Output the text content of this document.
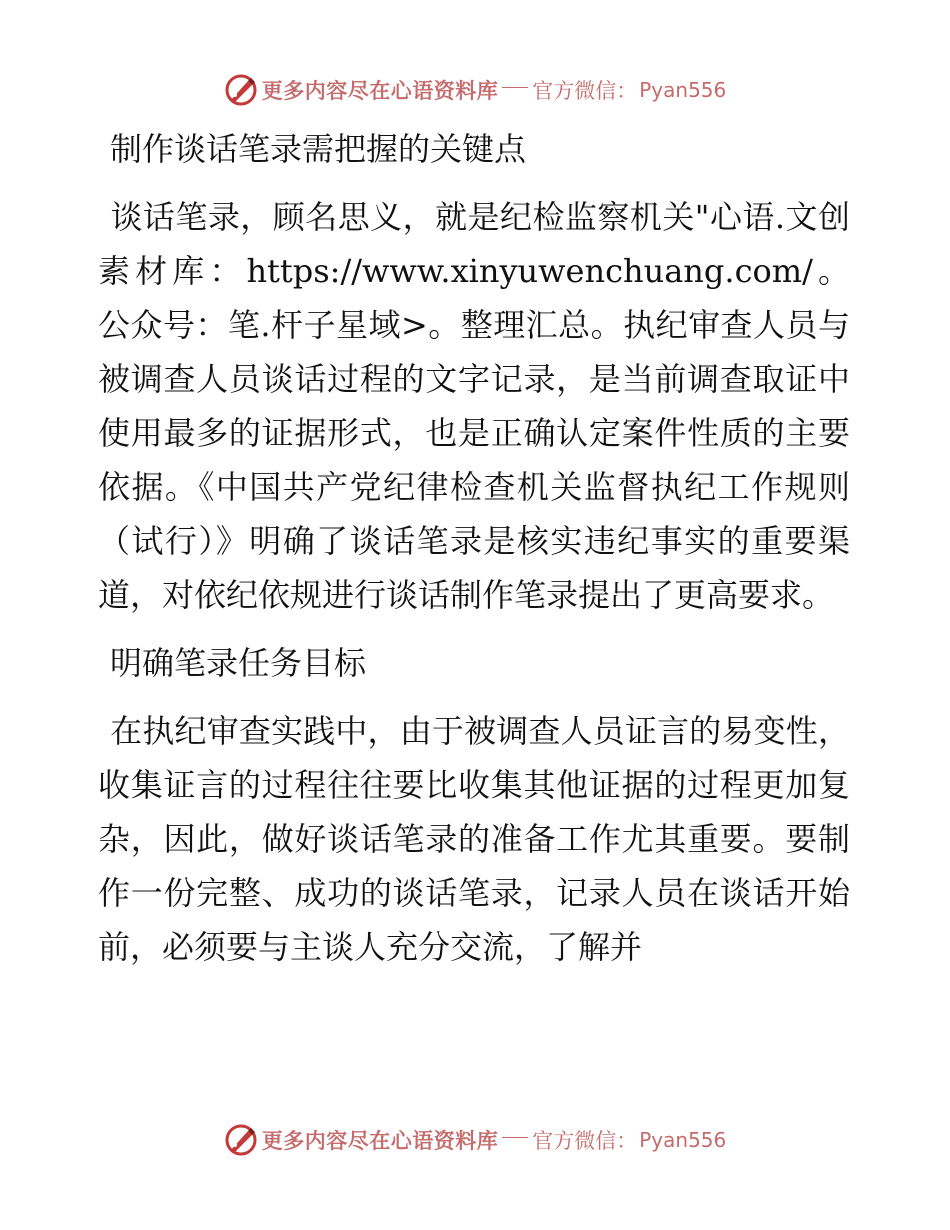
更多内容尽在心语资料库 官方微信： Pyan556
制作谈话笔录需把握的关键点

谈话笔录，顾名思义，就是纪检监察机关"心语.文创素材库：https://www.xinyuwenchuang.com/。公众号：笔.杆子星域>。整理汇总。执纪审查人员与被调查人员谈话过程的文字记录，是当前调查取证中使用最多的证据形式，也是正确认定案件性质的主要依据。《中国共产党纪律检查机关监督执纪工作规则（试行）》明确了谈话笔录是核实违纪事实的重要渠道，对依纪依规进行谈话制作笔录提出了更高要求。

明确笔录任务目标

在执纪审查实践中，由于被调查人员证言的易变性，收集证言的过程往往要比收集其他证据的过程更加复杂，因此，做好谈话笔录的准备工作尤其重要。要制作一份完整、成功的谈话笔录，记录人员在谈话开始前，必须要与主谈人充分交流，了解并

更多内容尽在心语资料库 官方微信： Pyan556
